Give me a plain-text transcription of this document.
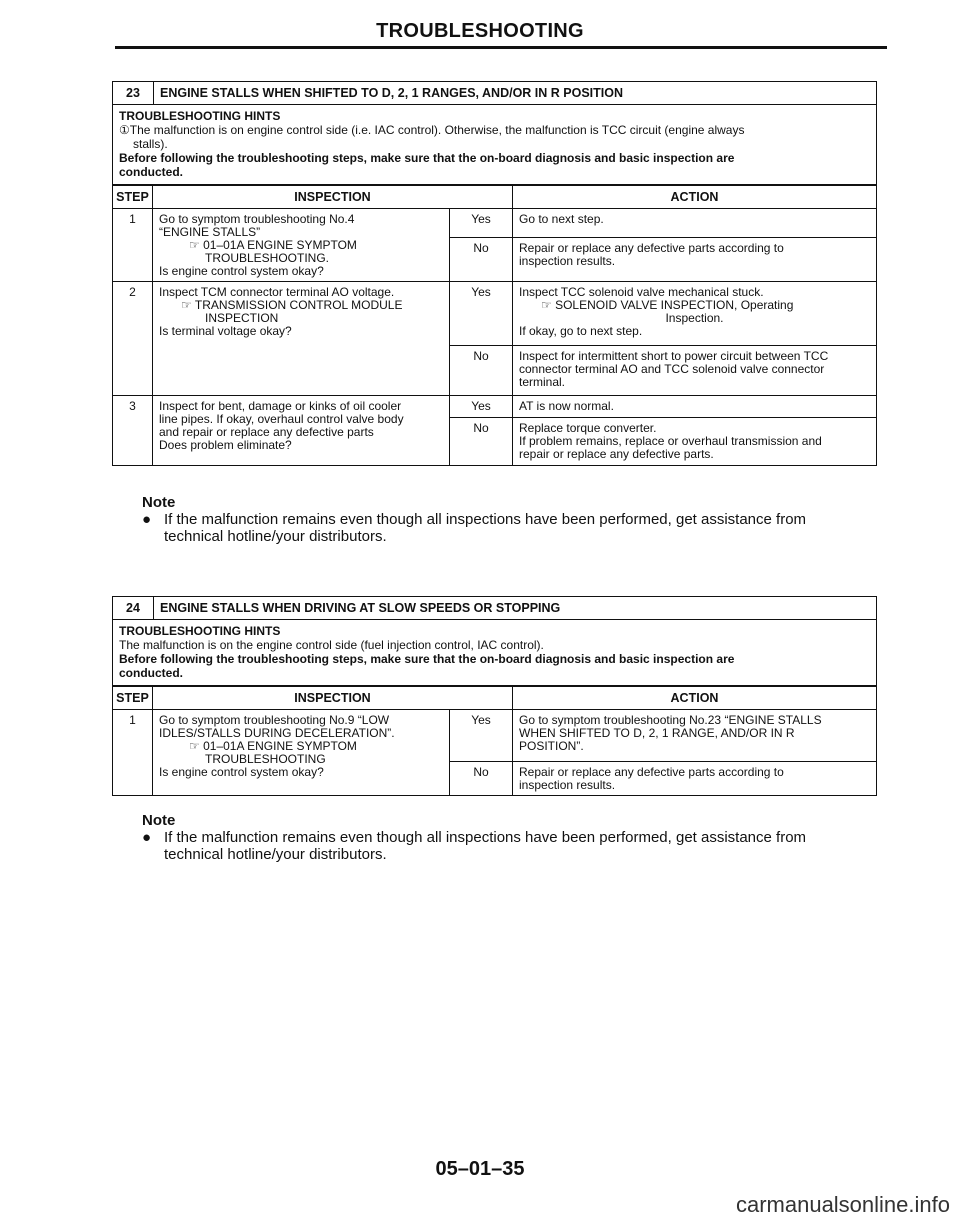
TROUBLESHOOTING
23	ENGINE STALLS WHEN SHIFTED TO D, 2, 1 RANGES, AND/OR IN R POSITION
TROUBLESHOOTING HINTS
①The malfunction is on engine control side (i.e. IAC control). Otherwise, the malfunction is TCC circuit (engine always
stalls).
Before following the troubleshooting steps, make sure that the on-board diagnosis and basic inspection are
conducted.
STEP	INSPECTION		ACTION
1	Go to symptom troubleshooting No.4
“ENGINE STALLS”
☞ 01–01A ENGINE SYMPTOM
TROUBLESHOOTING.
Is engine control system okay?	Yes	Go to next step.

		No	Repair or replace any defective parts according to
inspection results.

2	Inspect TCM connector terminal AO voltage.
☞ TRANSMISSION CONTROL MODULE
INSPECTION
Is terminal voltage okay?	Yes	Inspect TCC solenoid valve mechanical stuck.
☞ SOLENOID VALVE INSPECTION, Operating
Inspection.
If okay, go to next step.

		No	Inspect for intermittent short to power circuit between TCC
connector terminal AO and TCC solenoid valve connector
terminal.

3	Inspect for bent, damage or kinks of oil cooler
line pipes. If okay, overhaul control valve body
and repair or replace any defective parts
Does problem eliminate?	Yes	AT is now normal.

		No	Replace torque converter.
If problem remains, replace or overhaul transmission and
repair or replace any defective parts.
Note
● If the malfunction remains even though all inspections have been performed, get assistance from
technical hotline/your distributors.
24	ENGINE STALLS WHEN DRIVING AT SLOW SPEEDS OR STOPPING
TROUBLESHOOTING HINTS
The malfunction is on the engine control side (fuel injection control, IAC control).
Before following the troubleshooting steps, make sure that the on-board diagnosis and basic inspection are
conducted.
STEP	INSPECTION		ACTION
1	Go to symptom troubleshooting No.9 “LOW
IDLES/STALLS DURING DECELERATION”.
☞ 01–01A ENGINE SYMPTOM
TROUBLESHOOTING
Is engine control system okay?	Yes	Go to symptom troubleshooting No.23 “ENGINE STALLS
WHEN SHIFTED TO D, 2, 1 RANGE, AND/OR IN R
POSITION”.

		No	Repair or replace any defective parts according to
inspection results.
Note
● If the malfunction remains even though all inspections have been performed, get assistance from
technical hotline/your distributors.
05–01–35
carmanualsonline.info
